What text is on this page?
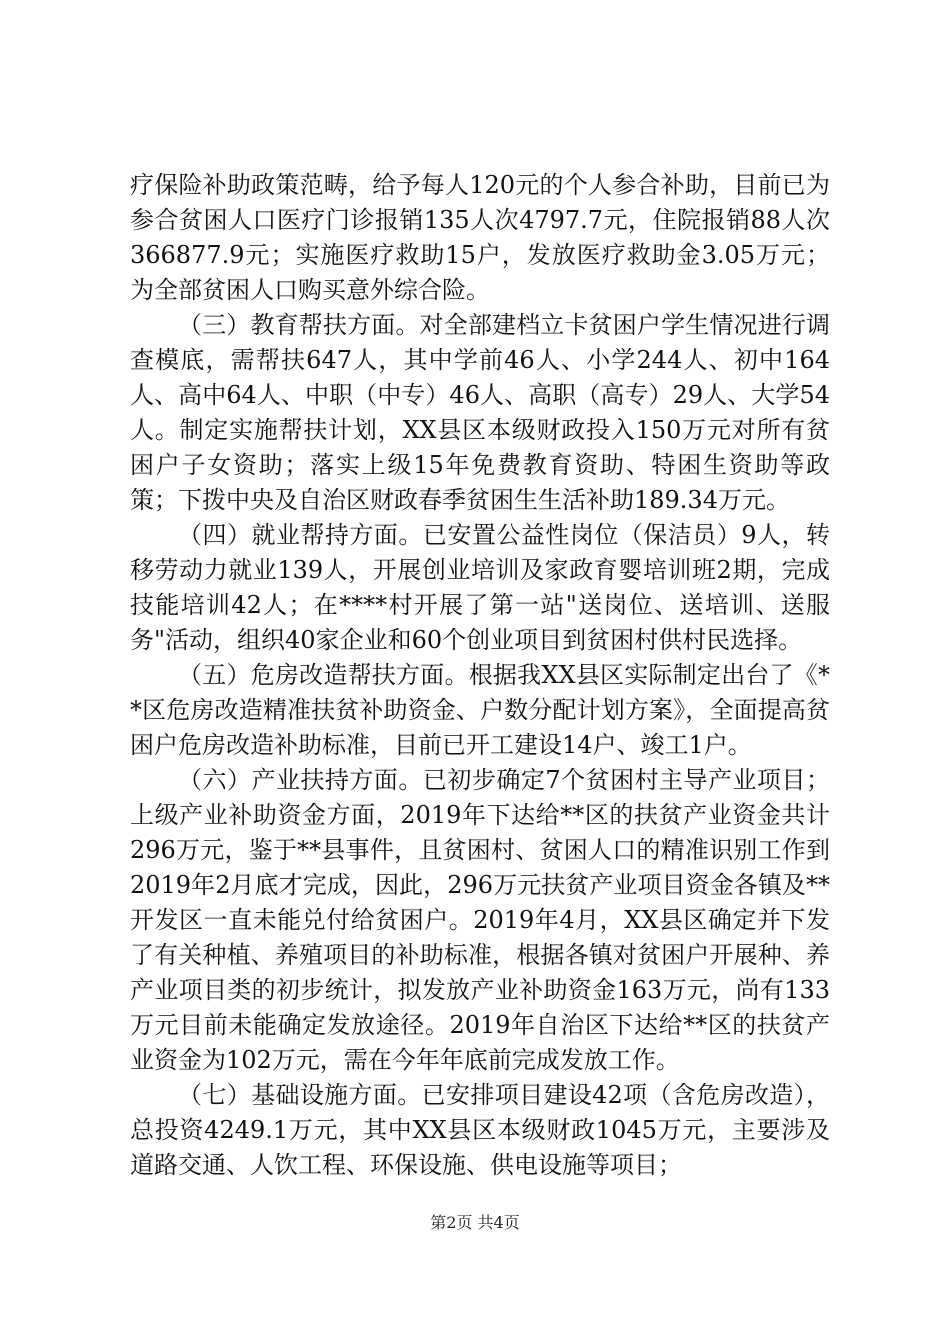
疗保险补助政策范畴，给予每人120元的个人参合补助，目前已为参合贫困人口医疗门诊报销135人次4797.7元，住院报销88人次366877.9元；实施医疗救助15户，发放医疗救助金3.05万元；为全部贫困人口购买意外综合险。

（三）教育帮扶方面。对全部建档立卡贫困户学生情况进行调查模底，需帮扶647人，其中学前46人、小学244人、初中164人、高中64人、中职（中专）46人、高职（高专）29人、大学54人。制定实施帮扶计划，XX县区本级财政投入150万元对所有贫困户子女资助；落实上级15年免费教育资助、特困生资助等政策；下拨中央及自治区财政春季贫困生生活补助189.34万元。

（四）就业帮持方面。已安置公益性岗位（保洁员）9人，转移劳动力就业139人，开展创业培训及家政育婴培训班2期，完成技能培训42人；在****村开展了第一站"送岗位、送培训、送服务"活动，组织40家企业和60个创业项目到贫困村供村民选择。

（五）危房改造帮扶方面。根据我XX县区实际制定出台了《**区危房改造精准扶贫补助资金、户数分配计划方案》，全面提高贫困户危房改造补助标准，目前已开工建设14户、竣工1户。

（六）产业扶持方面。已初步确定7个贫困村主导产业项目；上级产业补助资金方面，2019年下达给**区的扶贫产业资金共计296万元，鉴于**县事件，且贫困村、贫困人口的精准识别工作到2019年2月底才完成，因此，296万元扶贫产业项目资金各镇及**开发区一直未能兑付给贫困户。2019年4月，XX县区确定并下发了有关种植、养殖项目的补助标准，根据各镇对贫困户开展种、养产业项目类的初步统计，拟发放产业补助资金163万元，尚有133万元目前未能确定发放途径。2019年自治区下达给**区的扶贫产业资金为102万元，需在今年年底前完成发放工作。

（七）基础设施方面。已安排项目建设42项（含危房改造），总投资4249.1万元，其中XX县区本级财政1045万元，主要涉及道路交通、人饮工程、环保设施、供电设施等项目；

第2页 共4页
